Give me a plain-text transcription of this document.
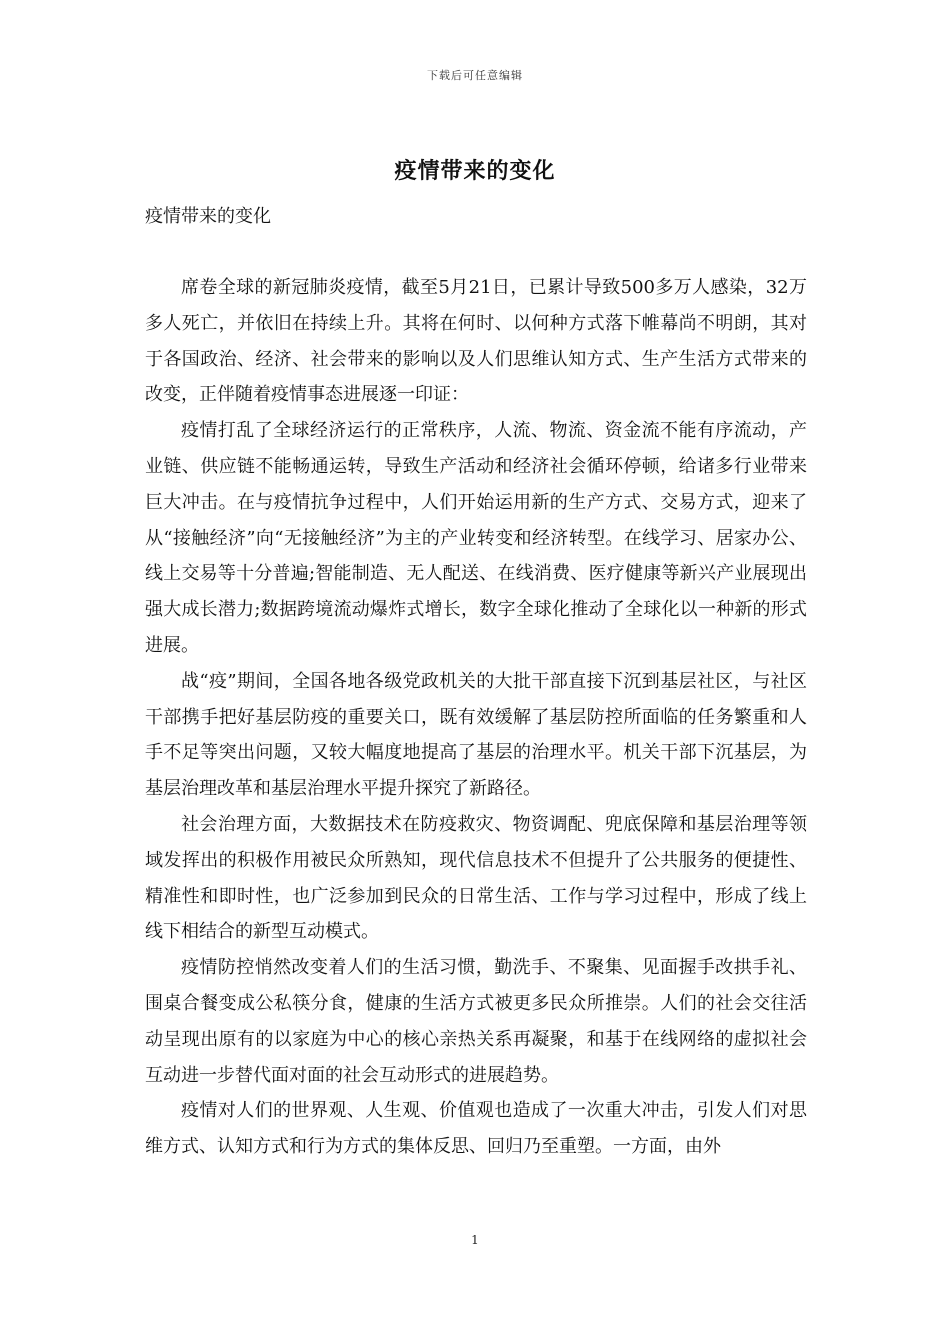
下载后可任意编辑
疫情带来的变化
疫情带来的变化

席卷全球的新冠肺炎疫情，截至5月21日，已累计导致500多万人感染，32万多人死亡，并依旧在持续上升。其将在何时、以何种方式落下帷幕尚不明朗，其对于各国政治、经济、社会带来的影响以及人们思维认知方式、生产生活方式带来的改变，正伴随着疫情事态进展逐一印证：

疫情打乱了全球经济运行的正常秩序，人流、物流、资金流不能有序流动，产业链、供应链不能畅通运转，导致生产活动和经济社会循环停顿，给诸多行业带来巨大冲击。在与疫情抗争过程中，人们开始运用新的生产方式、交易方式，迎来了从“接触经济”向“无接触经济”为主的产业转变和经济转型。在线学习、居家办公、线上交易等十分普遍;智能制造、无人配送、在线消费、医疗健康等新兴产业展现出强大成长潜力;数据跨境流动爆炸式增长，数字全球化推动了全球化以一种新的形式进展。

战“疫”期间，全国各地各级党政机关的大批干部直接下沉到基层社区，与社区干部携手把好基层防疫的重要关口，既有效缓解了基层防控所面临的任务繁重和人手不足等突出问题，又较大幅度地提高了基层的治理水平。机关干部下沉基层，为基层治理改革和基层治理水平提升探究了新路径。

社会治理方面，大数据技术在防疫救灾、物资调配、兜底保障和基层治理等领域发挥出的积极作用被民众所熟知，现代信息技术不但提升了公共服务的便捷性、精准性和即时性，也广泛参加到民众的日常生活、工作与学习过程中，形成了线上线下相结合的新型互动模式。

疫情防控悄然改变着人们的生活习惯，勤洗手、不聚集、见面握手改拱手礼、围桌合餐变成公私筷分食，健康的生活方式被更多民众所推崇。人们的社会交往活动呈现出原有的以家庭为中心的核心亲热关系再凝聚，和基于在线网络的虚拟社会互动进一步替代面对面的社会互动形式的进展趋势。

疫情对人们的世界观、人生观、价值观也造成了一次重大冲击，引发人们对思维方式、认知方式和行为方式的集体反思、回归乃至重塑。一方面，由外

1
